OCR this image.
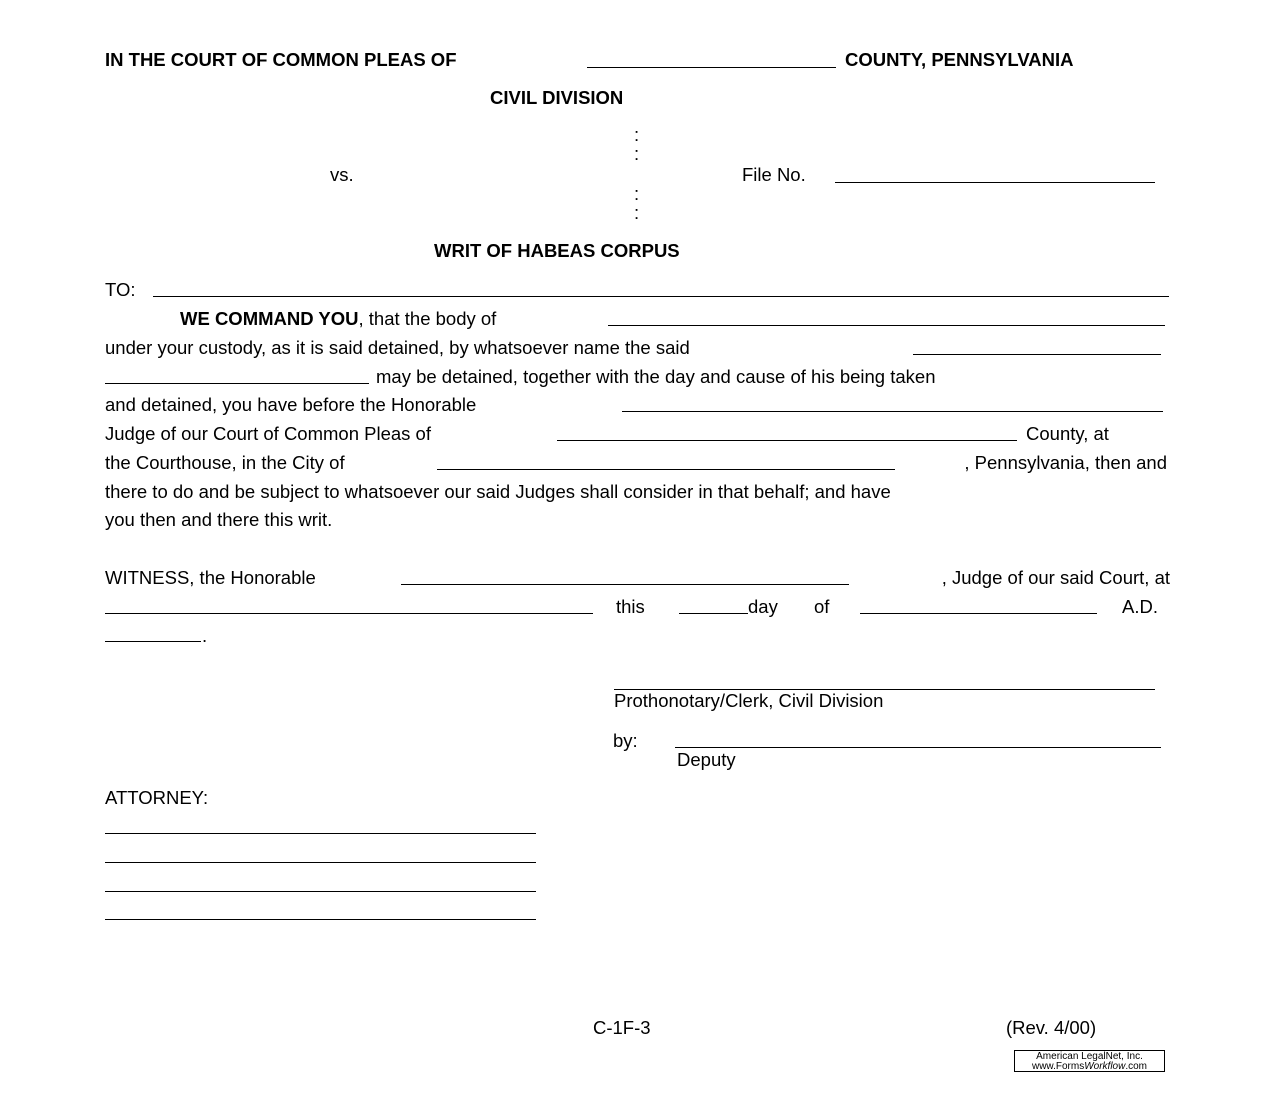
IN THE COURT OF COMMON PLEAS OF	COUNTY, PENNSYLVANIA
CIVIL DIVISION
:
:
:
:
vs.	File No.
WRIT OF HABEAS CORPUS
TO:
WE COMMAND YOU, that the body of
under your custody, as it is said detained, by whatsoever name the said
may be detained, together with the day and cause of his being taken
and detained, you have before the Honorable
Judge of our Court of Common Pleas of	County, at
the Courthouse, in the City of	, Pennsylvania, then and
there to do and be subject to whatsoever our said Judges shall consider in that behalf; and have
you then and there this writ.
WITNESS, the Honorable	, Judge of our said Court, at
this	day of	A.D.
.
Prothonotary/Clerk, Civil Division
by:
Deputy
ATTORNEY:
C-1F-3	(Rev. 4/00)
American LegalNet, Inc.
www.FormsWorkflow.com
